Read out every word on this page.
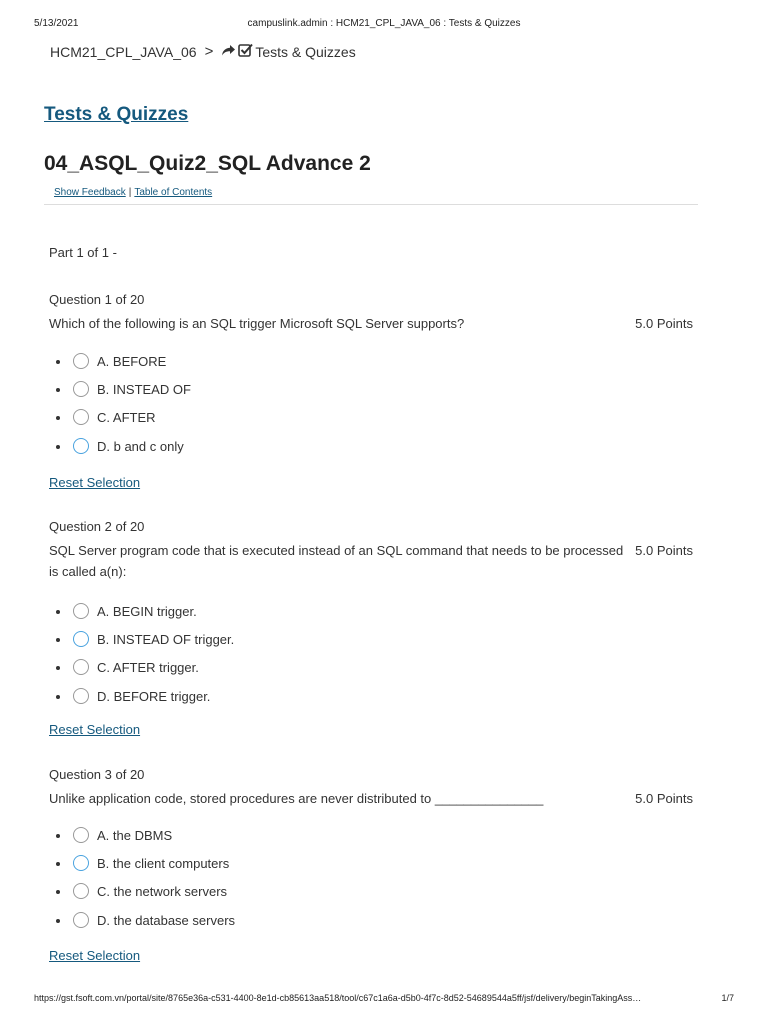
5/13/2021	campuslink.admin : HCM21_CPL_JAVA_06 : Tests & Quizzes
HCM21_CPL_JAVA_06 >	Tests & Quizzes
Tests & Quizzes
04_ASQL_Quiz2_SQL Advance 2
Show Feedback | Table of Contents
Part 1 of 1 -
Question 1 of 20
Which of the following is an SQL trigger Microsoft SQL Server supports?	5.0 Points
A. BEFORE
B. INSTEAD OF
C. AFTER
D. b and c only
Reset Selection
Question 2 of 20
SQL Server program code that is executed instead of an SQL command that needs to be processed is called a(n):
5.0 Points
A. BEGIN trigger.
B. INSTEAD OF trigger.
C. AFTER trigger.
D. BEFORE trigger.
Reset Selection
Question 3 of 20
Unlike application code, stored procedures are never distributed to _______________	5.0 Points
A. the DBMS
B. the client computers
C. the network servers
D. the database servers
Reset Selection
https://gst.fsoft.com.vn/portal/site/8765e36a-c531-4400-8e1d-cb85613aa518/tool/c67c1a6a-d5b0-4f7c-8d52-54689544a5ff/jsf/delivery/beginTakingAss…	1/7
